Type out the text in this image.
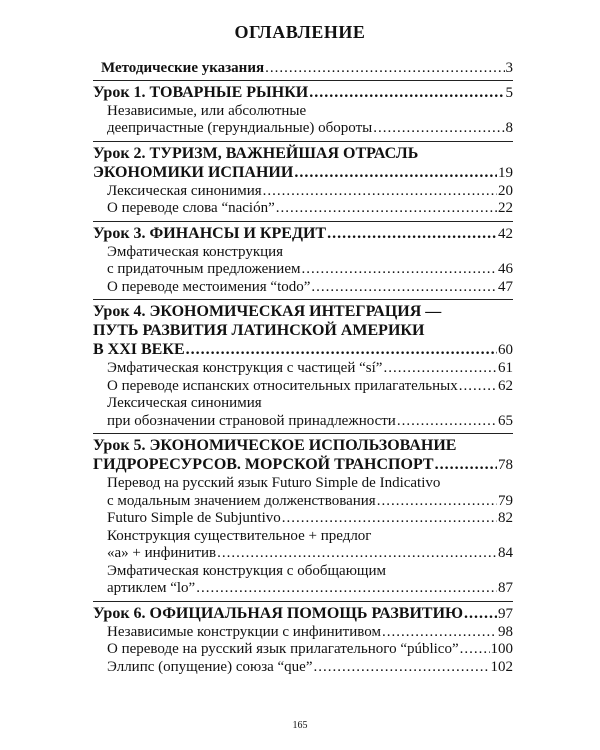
ОГЛАВЛЕНИЕ
Методические указания .....	3
Урок 1. ТОВАРНЫЕ РЫНКИ .....	5
Независимые, или абсолютные
деепричастные (герундиальные) обороты .....	8
Урок 2. ТУРИЗМ, ВАЖНЕЙШАЯ ОТРАСЛЬ
ЭКОНОМИКИ ИСПАНИИ .....	19
Лексическая синонимия .....	20
О переводе слова “nación” .....	22
Урок 3. ФИНАНСЫ И КРЕДИТ .....	42
Эмфатическая конструкция
с придаточным предложением .....	46
О переводе местоимения “todo” .....	47
Урок 4. ЭКОНОМИЧЕСКАЯ ИНТЕГРАЦИЯ —
ПУТЬ РАЗВИТИЯ ЛАТИНСКОЙ АМЕРИКИ
В XXI ВЕКЕ .....	60
Эмфатическая конструкция с частицей “sí” .....	61
О переводе испанских относительных прилагательных .....	62
Лексическая синонимия
при обозначении страновой принадлежности .....	65
Урок 5. ЭКОНОМИЧЕСКОЕ ИСПОЛЬЗОВАНИЕ
ГИДРОРЕСУРСОВ. МОРСКОЙ ТРАНСПОРТ .....	78
Перевод на русский язык Futuro Simple de Indicativo
с модальным значением долженствования .....	79
Futuro Simple de Subjuntivo .....	82
Конструкция существительное + предлог
«a» + инфинитив .....	84
Эмфатическая конструкция с обобщающим
артиклем “lo” .....	87
Урок 6. ОФИЦИАЛЬНАЯ ПОМОЩЬ РАЗВИТИЮ ..... 97
Независимые конструкции с инфинитивом .....	98
О переводе на русский язык прилагательного “público” ..... 100
Эллипс (опущение) союза “que” .....	102
165
